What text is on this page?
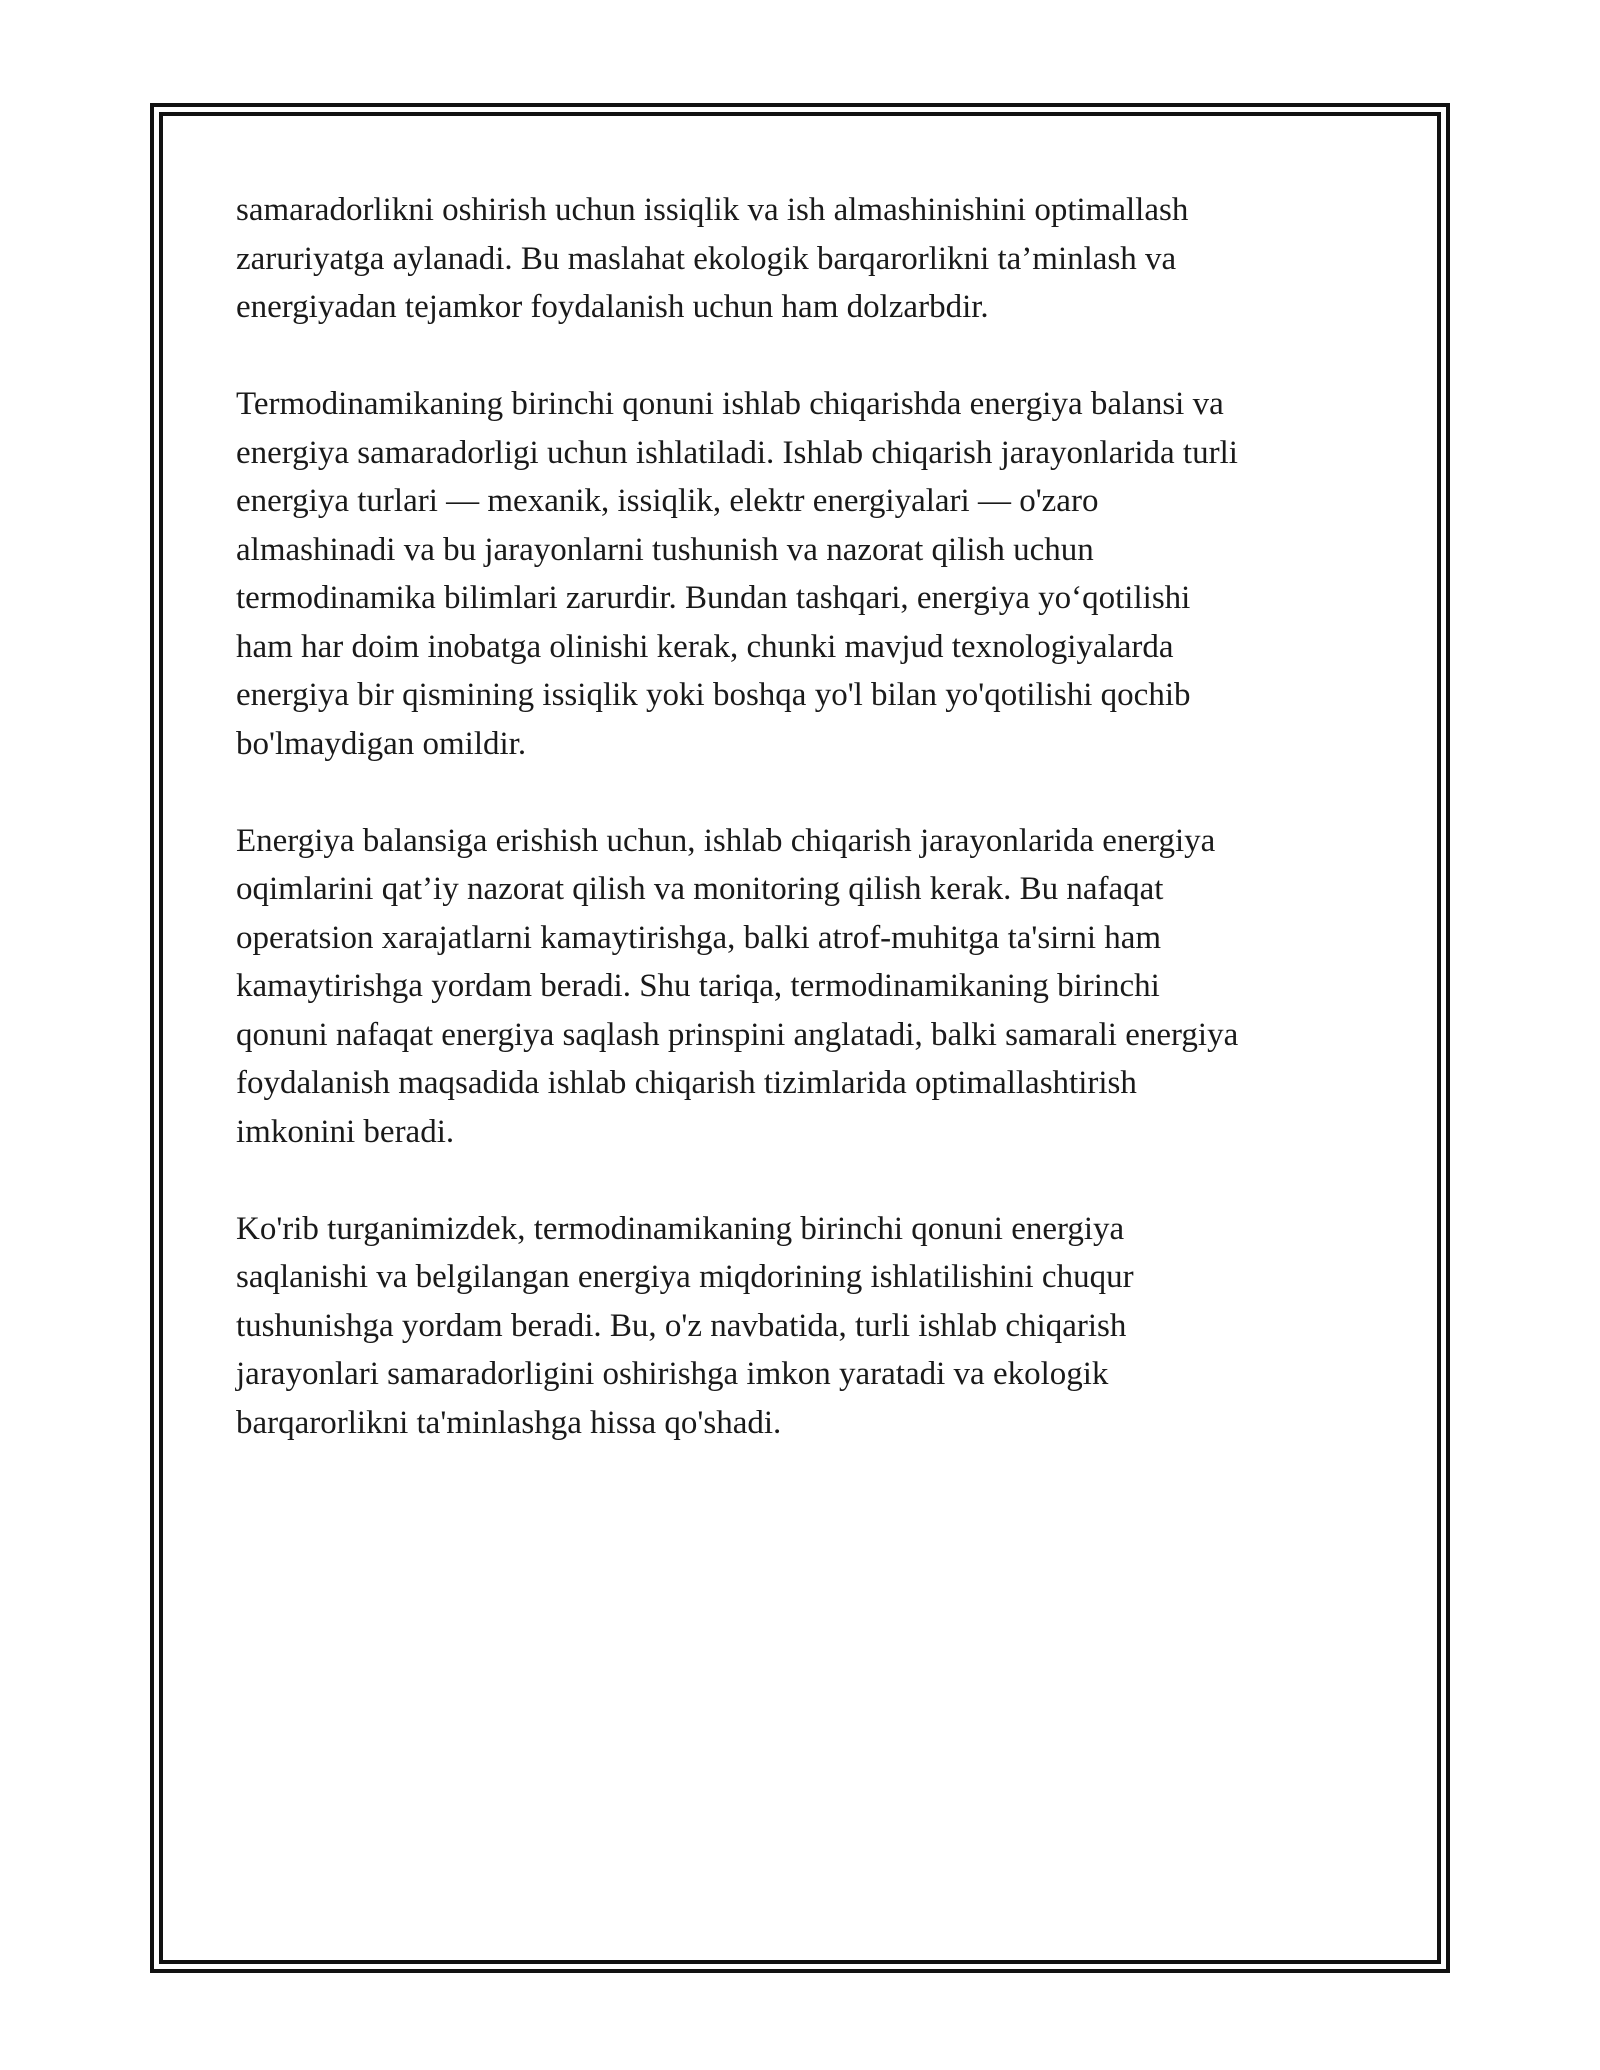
samaradorlikni oshirish uchun issiqlik va ish almashinishini optimallash
zaruriyatga aylanadi. Bu maslahat ekologik barqarorlikni ta’minlash va
energiyadan tejamkor foydalanish uchun ham dolzarbdir.

Termodinamikaning birinchi qonuni ishlab chiqarishda energiya balansi va
energiya samaradorligi uchun ishlatiladi. Ishlab chiqarish jarayonlarida turli
energiya turlari — mexanik, issiqlik, elektr energiyalari — o'zaro
almashinadi va bu jarayonlarni tushunish va nazorat qilish uchun
termodinamika bilimlari zarurdir. Bundan tashqari, energiya yo‘qotilishi
ham har doim inobatga olinishi kerak, chunki mavjud texnologiyalarda
energiya bir qismining issiqlik yoki boshqa yo'l bilan yo'qotilishi qochib
bo'lmaydigan omildir.

Energiya balansiga erishish uchun, ishlab chiqarish jarayonlarida energiya
oqimlarini qat’iy nazorat qilish va monitoring qilish kerak. Bu nafaqat
operatsion xarajatlarni kamaytirishga, balki atrof-muhitga ta'sirni ham
kamaytirishga yordam beradi. Shu tariqa, termodinamikaning birinchi
qonuni nafaqat energiya saqlash prinspini anglatadi, balki samarali energiya
foydalanish maqsadida ishlab chiqarish tizimlarida optimallashtirish
imkonini beradi.

Ko'rib turganimizdek, termodinamikaning birinchi qonuni energiya
saqlanishi va belgilangan energiya miqdorining ishlatilishini chuqur
tushunishga yordam beradi. Bu, o'z navbatida, turli ishlab chiqarish
jarayonlari samaradorligini oshirishga imkon yaratadi va ekologik
barqarorlikni ta'minlashga hissa qo'shadi.
